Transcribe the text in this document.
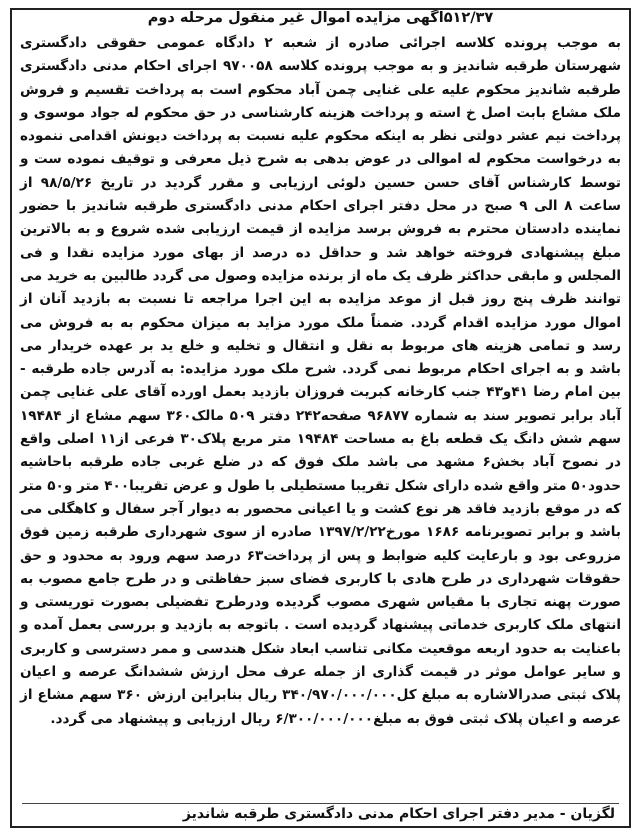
۵۱۲/۳۷آگهی مزایده اموال غیر منقول مرحله دوم

به موجب پرونده کلاسه اجرائی صادره از شعبه ۲ دادگاه عمومی حقوقی دادگستری شهرستان طرقبه شاندیز و به موجب پرونده کلاسه ۹۷۰۰۵۸ اجرای احکام مدنی دادگستری طرقبه شاندیز محکوم علیه علی غنایی چمن آباد محکوم است به پرداخت تقسیم و فروش ملک مشاع بابت اصل خ استه و پرداخت هزینه کارشناسی در حق محکوم له جواد موسوی و پرداخت نیم عشر دولتی نظر به اینکه محکوم علیه نسبت به پرداخت دیونش اقدامی ننموده به درخواست محکوم له اموالی در عوض بدهی به شرح ذیل معرفی و توقیف نموده ست و توسط کارشناس آقای حسن حسین دلوئی ارزیابی و مقرر گردید در تاریخ ۹۸/۵/۲۶ از ساعت ۸ الی ۹ صبح در محل دفتر اجرای احکام مدنی دادگستری طرقبه شاندیز با حضور نماینده دادستان محترم به فروش برسد مزایده از قیمت ارزیابی شده شروع و به بالاترین مبلغ پیشنهادی فروخته خواهد شد و حداقل ده درصد از بهای مورد مزایده نقدا و فی المجلس و مابقی حداکثر ظرف یک ماه از برنده مزایده وصول می گردد طالبین به خرید می توانند ظرف پنج روز قبل از موعد مزایده به این اجرا مراجعه تا نسبت به بازدید آنان از اموال مورد مزایده اقدام گردد. ضمناً ملک مورد مزاید به میزان محکوم به به فروش می رسد و تمامی هزینه های مربوط به نقل و انتقال و تخلیه و خلع ید بر عهده خریدار می باشد و به اجرای احکام مربوط نمی گردد. شرح ملک مورد مزایده: به آدرس جاده طرقبه - بین امام رضا ۴۱و۴۳ جنب کارخانه کبریت فروزان بازدید بعمل اورده آقای علی غنایی چمن آباد برابر تصویر سند به شماره ۹۶۸۷۷ صفحه۲۴۲ دفتر ۵۰۹ مالک۳۶۰ سهم مشاع از ۱۹۴۸۴ سهم شش دانگ یک قطعه باغ به مساحت ۱۹۴۸۴ متر مربع پلاک۳۰ فرعی از۱۱ اصلی واقع در نصوح آباد بخش۶ مشهد می باشد ملک فوق که در ضلع غربی جاده طرقبه باحاشیه حدود۵۰ متر واقع شده دارای شکل تقریبا مستطیلی با طول و عرض تقریبا۴۰۰ متر و۵۰ متر که در موقع بازدید فاقد هر نوع کشت و یا اعیانی محصور به دیوار آجر سفال و کاهگلی می باشد و برابر تصویرنامه ۱۶۸۶ مورخ۱۳۹۷/۲/۲۲ صادره از سوی شهرداری طرقبه زمین فوق مزروعی بود و بارعایت کلیه ضوابط و پس از پرداخت۶۳ درصد سهم ورود به محدود و حق حقوقات شهرداری در طرح هادی با کاربری فضای سبز حفاظتی و در طرح جامع مصوب به صورت پهنه تجاری با مقیاس شهری مصوب گردیده ودرطرح تفضیلی بصورت توریستی و انتهای ملک کاربری خدماتی پیشنهاد گردیده است . باتوجه به بازدید و بررسی بعمل آمده و باعنایت به حدود اربعه موقعیت مکانی تناسب ابعاد شکل هندسی و ممر دسترسی و کاربری و سایر عوامل موثر در قیمت گذاری از جمله عرف محل ارزش ششدانگ عرصه و اعیان پلاک ثبتی صدرالاشاره به مبلغ کل۳۴۰/۹۷۰/۰۰۰/۰۰۰ ریال بنابراین ارزش ۳۶۰ سهم مشاع از عرصه و اعیان پلاک ثبتی فوق به مبلغ۶/۳۰۰/۰۰۰/۰۰۰ ریال ارزیابی و پیشنهاد می گردد.

لگزیان - مدیر دفتر اجرای احکام مدنی دادگستری طرقبه شاندیز
